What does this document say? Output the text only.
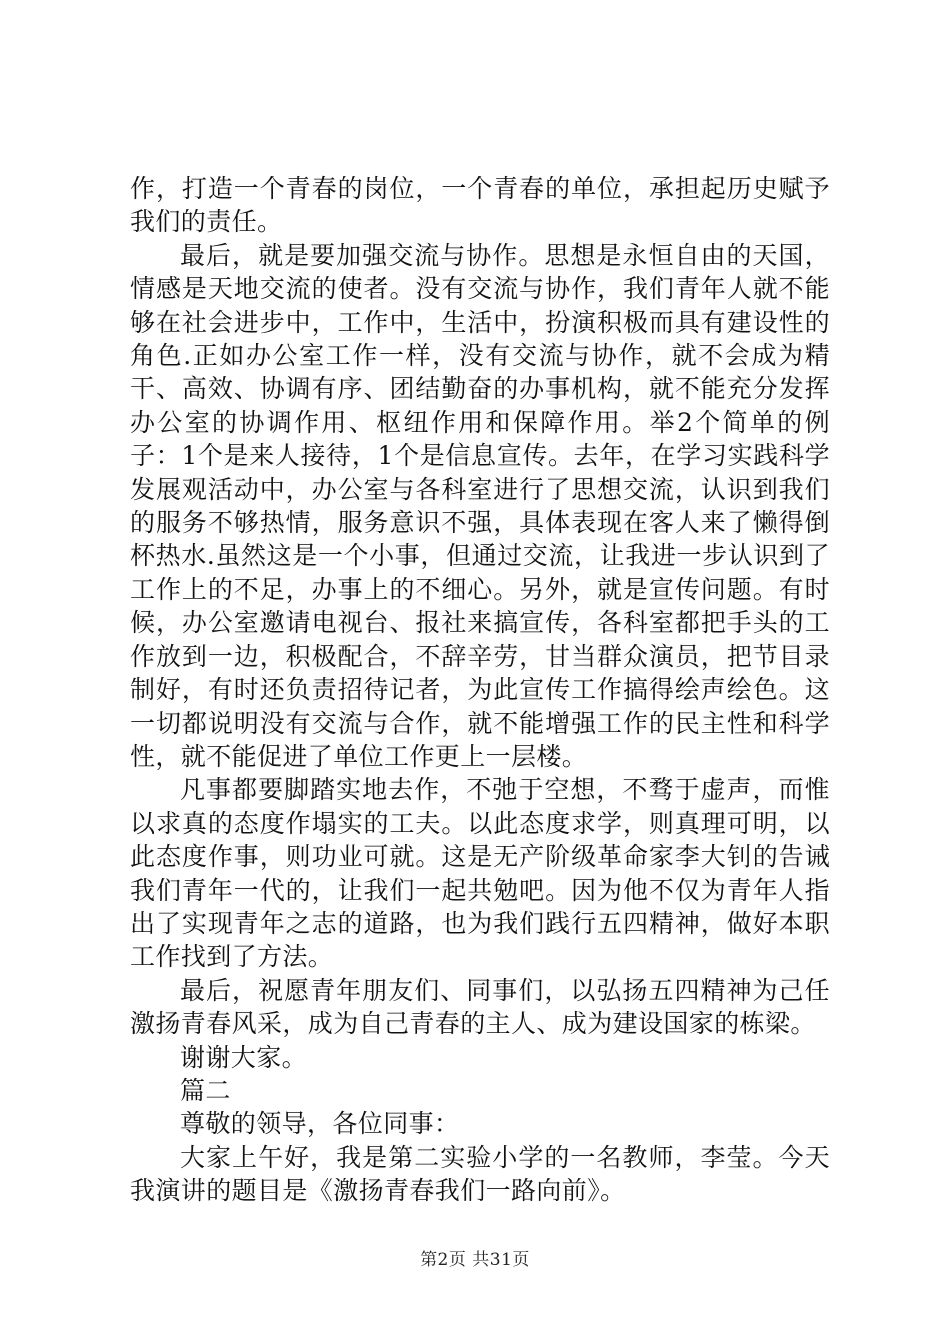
作，打造一个青春的岗位，一个青春的单位，承担起历史赋予我们的责任。

最后，就是要加强交流与协作。思想是永恒自由的天国，情感是天地交流的使者。没有交流与协作，我们青年人就不能够在社会进步中，工作中，生活中，扮演积极而具有建设性的角色.正如办公室工作一样，没有交流与协作，就不会成为精干、高效、协调有序、团结勤奋的办事机构，就不能充分发挥办公室的协调作用、枢纽作用和保障作用。举2个简单的例子：1个是来人接待，1个是信息宣传。去年，在学习实践科学发展观活动中，办公室与各科室进行了思想交流，认识到我们的服务不够热情，服务意识不强，具体表现在客人来了懒得倒杯热水.虽然这是一个小事，但通过交流，让我进一步认识到了工作上的不足，办事上的不细心。另外，就是宣传问题。有时候，办公室邀请电视台、报社来搞宣传，各科室都把手头的工作放到一边，积极配合，不辞辛劳，甘当群众演员，把节目录制好，有时还负责招待记者，为此宣传工作搞得绘声绘色。这一切都说明没有交流与合作，就不能增强工作的民主性和科学性，就不能促进了单位工作更上一层楼。

凡事都要脚踏实地去作，不弛于空想，不骛于虚声，而惟以求真的态度作塌实的工夫。以此态度求学，则真理可明，以此态度作事，则功业可就。这是无产阶级革命家李大钊的告诫我们青年一代的，让我们一起共勉吧。因为他不仅为青年人指出了实现青年之志的道路，也为我们践行五四精神，做好本职工作找到了方法。

最后，祝愿青年朋友们、同事们，以弘扬五四精神为己任激扬青春风采，成为自己青春的主人、成为建设国家的栋梁。

谢谢大家。

篇二

尊敬的领导，各位同事：

大家上午好，我是第二实验小学的一名教师，李莹。今天我演讲的题目是《激扬青春我们一路向前》。

第2页 共31页
